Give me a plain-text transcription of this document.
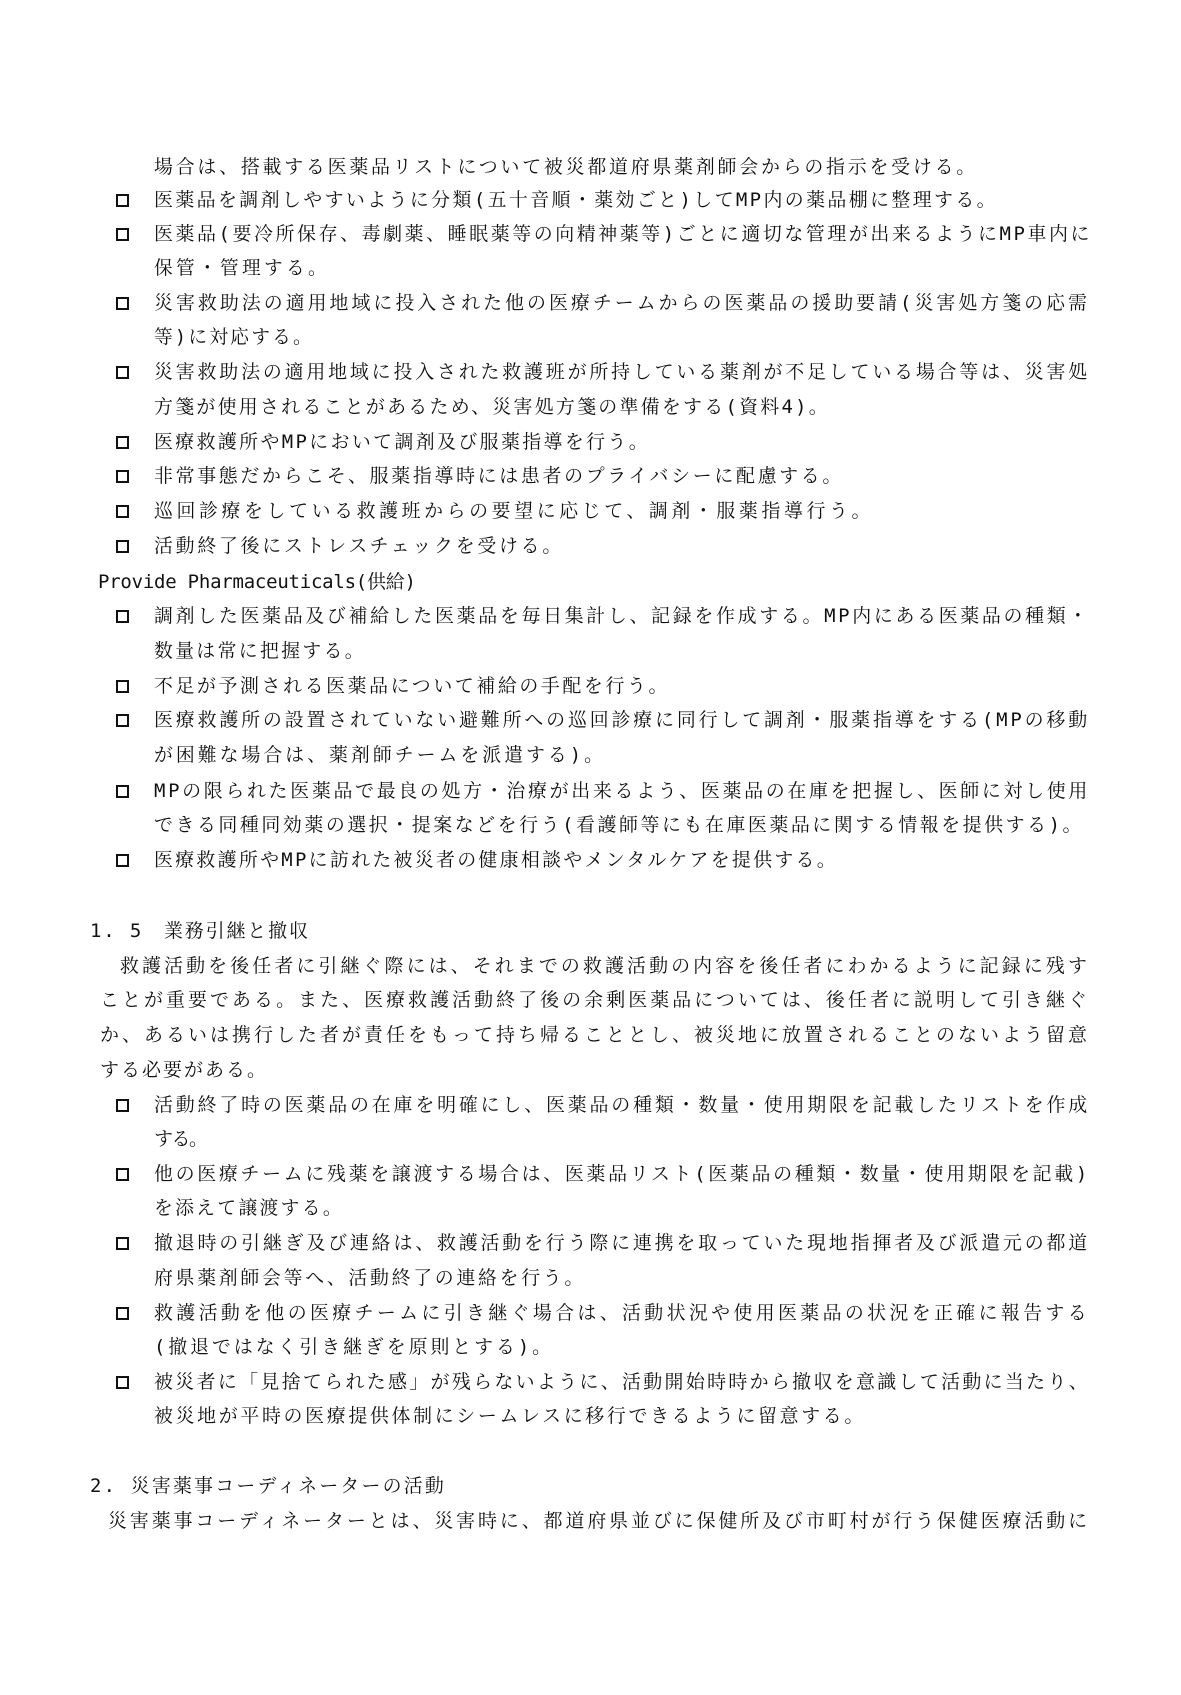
場合は、搭載する医薬品リストについて被災都道府県薬剤師会からの指示を受ける。
医薬品を調剤しやすいように分類(五十音順・薬効ごと)してMP内の薬品棚に整理する。
医薬品(要冷所保存、毒劇薬、睡眠薬等の向精神薬等)ごとに適切な管理が出来るようにMP車内に
保管・管理する。
災害救助法の適用地域に投入された他の医療チームからの医薬品の援助要請(災害処方箋の応需
等)に対応する。
災害救助法の適用地域に投入された救護班が所持している薬剤が不足している場合等は、災害処
方箋が使用されることがあるため、災害処方箋の準備をする(資料4)。
医療救護所やMPにおいて調剤及び服薬指導を行う。
非常事態だからこそ、服薬指導時には患者のプライバシーに配慮する。
巡回診療をしている救護班からの要望に応じて、調剤・服薬指導行う。
活動終了後にストレスチェックを受ける。
Provide Pharmaceuticals(供給)
調剤した医薬品及び補給した医薬品を毎日集計し、記録を作成する。MP内にある医薬品の種類・
数量は常に把握する。
不足が予測される医薬品について補給の手配を行う。
医療救護所の設置されていない避難所への巡回診療に同行して調剤・服薬指導をする(MPの移動
が困難な場合は、薬剤師チームを派遣する)。
MPの限られた医薬品で最良の処方・治療が出来るよう、医薬品の在庫を把握し、医師に対し使用
できる同種同効薬の選択・提案などを行う(看護師等にも在庫医薬品に関する情報を提供する)。
医療救護所やMPに訪れた被災者の健康相談やメンタルケアを提供する。
1. 5　業務引継と撤収
救護活動を後任者に引継ぐ際には、それまでの救護活動の内容を後任者にわかるように記録に残す
ことが重要である。また、医療救護活動終了後の余剰医薬品については、後任者に説明して引き継ぐ
か、あるいは携行した者が責任をもって持ち帰ることとし、被災地に放置されることのないよう留意
する必要がある。
活動終了時の医薬品の在庫を明確にし、医薬品の種類・数量・使用期限を記載したリストを作成
する。
他の医療チームに残薬を譲渡する場合は、医薬品リスト(医薬品の種類・数量・使用期限を記載)
を添えて譲渡する。
撤退時の引継ぎ及び連絡は、救護活動を行う際に連携を取っていた現地指揮者及び派遣元の都道
府県薬剤師会等へ、活動終了の連絡を行う。
救護活動を他の医療チームに引き継ぐ場合は、活動状況や使用医薬品の状況を正確に報告する
(撤退ではなく引き継ぎを原則とする)。
被災者に「見捨てられた感」が残らないように、活動開始時時から撤収を意識して活動に当たり、
被災地が平時の医療提供体制にシームレスに移行できるように留意する。
2. 災害薬事コーディネーターの活動
災害薬事コーディネーターとは、災害時に、都道府県並びに保健所及び市町村が行う保健医療活動に
